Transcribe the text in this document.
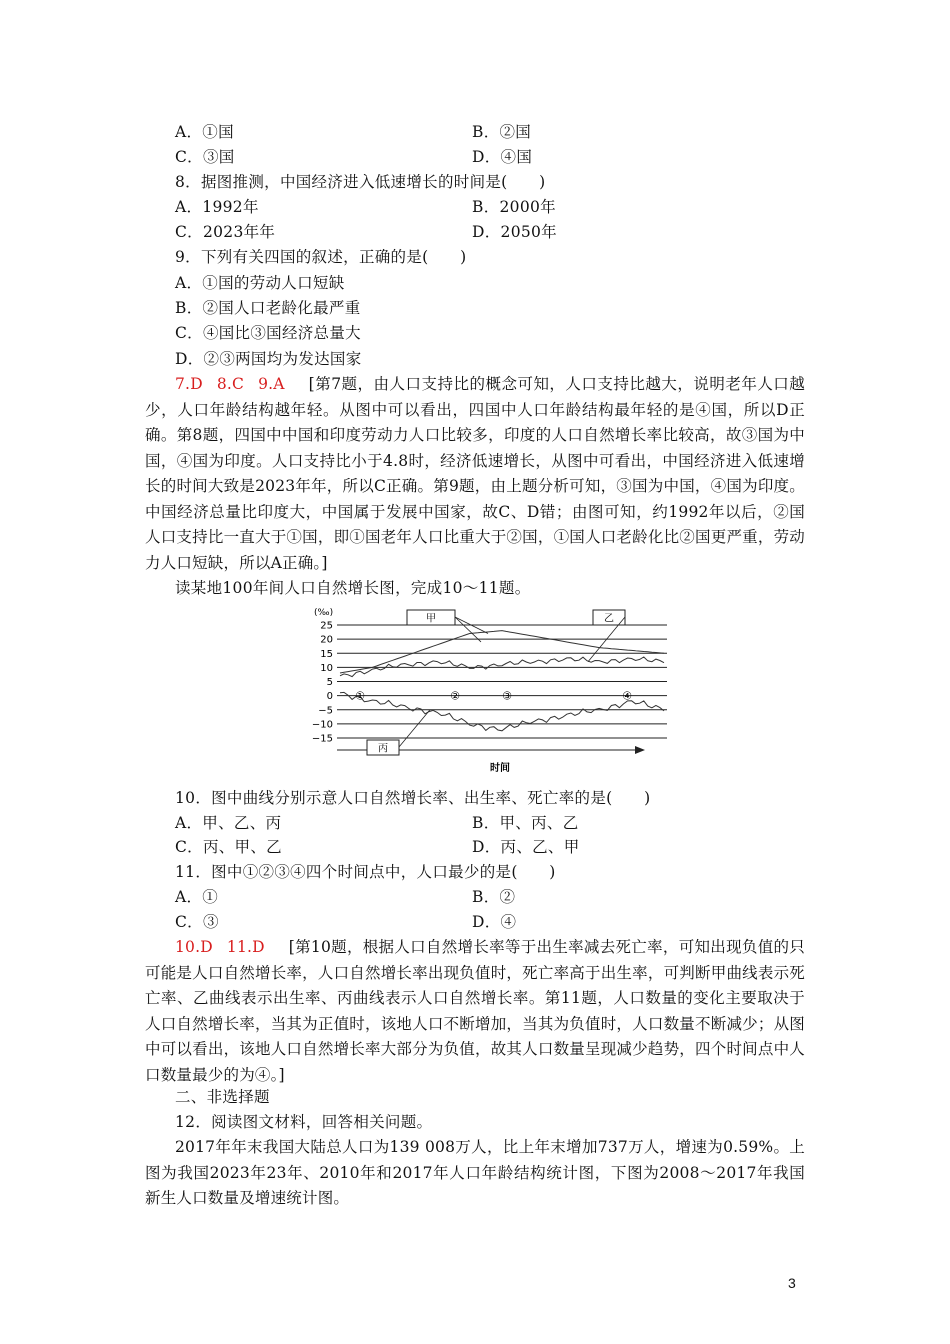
A．①国	B．②国
C．③国	D．④国
8．据图推测，中国经济进入低速增长的时间是(　　)
A．1992年	B．2000年
C．2023年年	D．2050年
9．下列有关四国的叙述，正确的是(　　)
A．①国的劳动人口短缺
B．②国人口老龄化最严重
C．④国比③国经济总量大
D．②③两国均为发达国家
7.D 8.C 9.A [第7题，由人口支持比的概念可知，人口支持比越大，说明老年人口越少，人口年龄结构越年轻。从图中可以看出，四国中人口年龄结构最年轻的是④国，所以D正确。第8题，四国中中国和印度劳动力人口比较多，印度的人口自然增长率比较高，故③国为中国，④国为印度。人口支持比小于4.8时，经济低速增长，从图中可看出，中国经济进入低速增长的时间大致是2023年年，所以C正确。第9题，由上题分析可知，③国为中国，④国为印度。中国经济总量比印度大，中国属于发展中国家，故C、D错；由图可知，约1992年以后，②国人口支持比一直大于①国，即①国老年人口比重大于②国，①国人口老龄化比②国更严重，劳动力人口短缺，所以A正确。]
读某地100年间人口自然增长图，完成10～11题。
(‰)
25
20
15
10
5
0
−5
−10
−15
时间
甲	乙
丙
①	②	③	④
10．图中曲线分别示意人口自然增长率、出生率、死亡率的是(　　)
A．甲、乙、丙	B．甲、丙、乙
C．丙、甲、乙	D．丙、乙、甲
11．图中①②③④四个时间点中，人口最少的是(　　)
A．①	B．②
C．③	D．④
10.D 11.D [第10题，根据人口自然增长率等于出生率减去死亡率，可知出现负值的只可能是人口自然增长率，人口自然增长率出现负值时，死亡率高于出生率，可判断甲曲线表示死亡率、乙曲线表示出生率、丙曲线表示人口自然增长率。第11题，人口数量的变化主要取决于人口自然增长率，当其为正值时，该地人口不断增加，当其为负值时，人口数量不断减少；从图中可以看出，该地人口自然增长率大部分为负值，故其人口数量呈现减少趋势，四个时间点中人口数量最少的为④。]
二、非选择题
12．阅读图文材料，回答相关问题。
2017年年末我国大陆总人口为139 008万人，比上年末增加737万人，增速为0.59%。上图为我国2023年23年、2010年和2017年人口年龄结构统计图，下图为2008～2017年我国新生人口数量及增速统计图。
3
